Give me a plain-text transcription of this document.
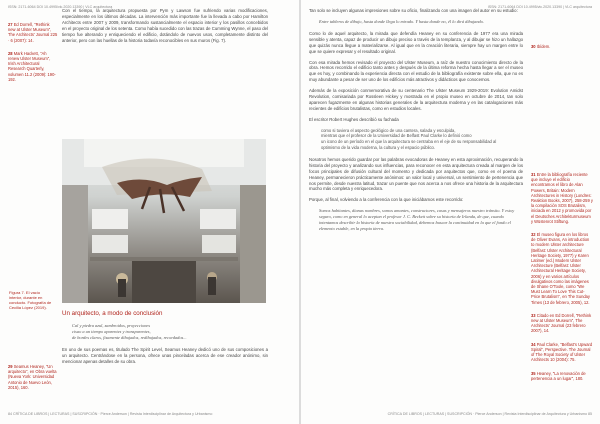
ISSN: 2171-6064 DOI 10.4995/vlc.2020.13390 | VLC arquitectura

27 Ed Dorrell, "Rethink new at Ulster Museum", The Architects' Journal 225 · 6 (2007): 14.

28 Mark Hackett, "Ah renew Ulster Museum", Irish Architectural Research Quarterly, volumen 11.2 (2009): 190-192.

Con el tiempo, la arquitectura propuesta por Pym y Lawson fue sufriendo varias modificaciones, especialmente en los últimos décadas. La intervención más importante fue la llevada a cabo por Hamilton Architects entre 2007 y 2009, transformando sustancialmente el espacio interior y los pasillos concebidos en el proyecto original de los setenta. Como había sucedido con las trazas de Cumming Wynne, el paso del tiempo fue alterando y enriqueciendo el edificio, dotándolo de nuevos usos, completamente distinto del anterior, pero con las huellas de la historia todavía reconocibles en sus muros (Fig. 7).

Figura 7. El vacío interior, durante en conducto. Fotografía de Cecilia López (2019).

29 Seamus Heaney, "Un arquitecto", en Obra vuelta (Nueva York: Universidad Antonio de Nuevo León, 2015), 160.

Un arquitecto, a modo de conclusión
Cal y piedra azul, zambroidos, proyecciones
cisao a un tiempo aparentes y transparentes,
de bordes claros, fisamente dibujados, redibujados, recordados...

En uno de sus poemas es, titulado The Spirit Level, Seamus Heaney dedicó uno de sus composiciones a un arquitecto. Centrándose en la persona, ofrece unas pinceladas acerca de ese creador anónimo, sin mencionar apenas detalles de su obra.

84 CRÍTICA DE LIBROS | LECTURAS | SUSCRIPCIÓN · Pierce Anderson | Revista Interdisciplinar de Arquitectura y Urbanismo
ISSN: 2171-6064 DOI 10.4995/vlc.2020.13390 | VLC arquitectura

Tan solo se incluyen algunas impresiones sobre su oficio, finalizando con una imagen del autor en su estudio:

Entre tableros de dibujo, hasta donde llega lo mirado. Y hasta donde no, él lo dirá dibujando.

Como lo de aquel arquitecto, la mirada que defendía Heaney en su conferencia de 1977 era una mirada sensible y atenta, capaz de producir un dibujo preciso a través de la templanza, y al dibujar se hizo un hallazgo que quizás nunca llegue a materializarse. Al igual que en la creación literaria, siempre hay un margen entre lo que se quiere expresar y el resultado original.

Con esa mirada hemos revisado el proyecto del Ulster Museum, a raíz de nuestro conocimiento directo de la obra. Hemos recorrido el edificio tanto antes y después de la última reforma hecha hasta llegar a ser el museo que es hoy, y combinando la experiencia directa con el estudio de la bibliografía existente sobre ella, que no es muy abundante a pesar de ser uno de los edificios más atractivos y didácticos que conocemos.

Además de la exposición conmemorativa de su centenario The Ulster Museum 1929-2019: Evolution Amidst Revolution, comisariada por Rossleen Hickey y mostrada en el propio museo en octubre de 2014, tan solo aparecen fugazmente en algunas historias generales de la arquitectura moderna y en las catalogaciones más recientes de edificios brutalistas, como en estudios locales.

El escritor Robert Hughes describió su fachada

como si tuviera el aspecto geológico de una cantera, salada y esculpida,
mientras que el profesor de la Universidad de Belfast Paul Clarke lo definió como
un icono de un período en el que la arquitectura se centraba en el eje de su responsabilidad al optimismo de la vida moderna, la cultura y el espacio público.

Nosotros hemos querido guardar por las palabras evocadoras de Heaney en esta aproximación, recuperando la historia del proyecto y analizando sus influencias, para reconocer en esta arquitectura creada al margen de los focos principales de difusión cultural del momento y dedicada por arquitectos que, como en el poema de Heaney, permanecieron prácticamente anónimos: un valor local y universal, un sentimiento de pertenencia que nos permite, desde nuestra latitud, trazar un puente que nos acerca a nos ofrece una historia de la arquitectura mucho más completa y enriquecedora.

Porque, al final, volviendo a la conferencia con la que iniciábamos este recorrido:

Somos habitantes, dianas nombres, somos amantes, constructores, casas y mensajeros nuestro tránsito. Y estoy seguro, como en general lo aceptan el profesor J. C. Beckett sobre su historia de Irlanda, de que, cuando intentamos describir la historia de nuestra sociabilidad, debemos buscar la continuidad en la que el fondo el elemento estable, en la propia tierra.

30 Ibídem.

31 Entre la bibliografía reciente que incluye el edificio encontramos el libro de Alan Powers, Britain: Modern Architectures in History (Londres: Reaktion Books, 2007), 258-259 y la compilación SOS Brutalism, iniciada en 2012 y promovida por el Deutsches Architekturmuseum y Wüstenrot Stiftung.

32 El museo figura en los libros de Oliver Evans, An introduction to modern Ulster architecture (Belfast: Ulster Architectural Heritage Society, 1977) y Karen Latimer (ed.) Modern Ulster Architecture (Belfast: Ulster Architectural Heritage Society, 2006) y en varios artículos divulgativos como las imágenes de Shane O'Toole, como "We Must Learn To Love This Cut-Price Brutalism", en The Sunday Times (13 de febrero, 2005), 12.

33 Citado en Ed Dorrell, "Rethink new at Ulster Museum", The Architects' Journal (23 febrero 2007), 14.

34 Paul Clarke, "Belfast's Upward Spiral", Perspective. The Journal of The Royal Society of Ulster Architects 10 (2004): 75.

35 Heaney, "La renovación de pertenencia a un lugar", 180.

CRÍTICA DE LIBROS | LECTURAS | SUSCRIPCIÓN · Pierce Anderson | Revista Interdisciplinar de Arquitectura y Urbanismo 85
